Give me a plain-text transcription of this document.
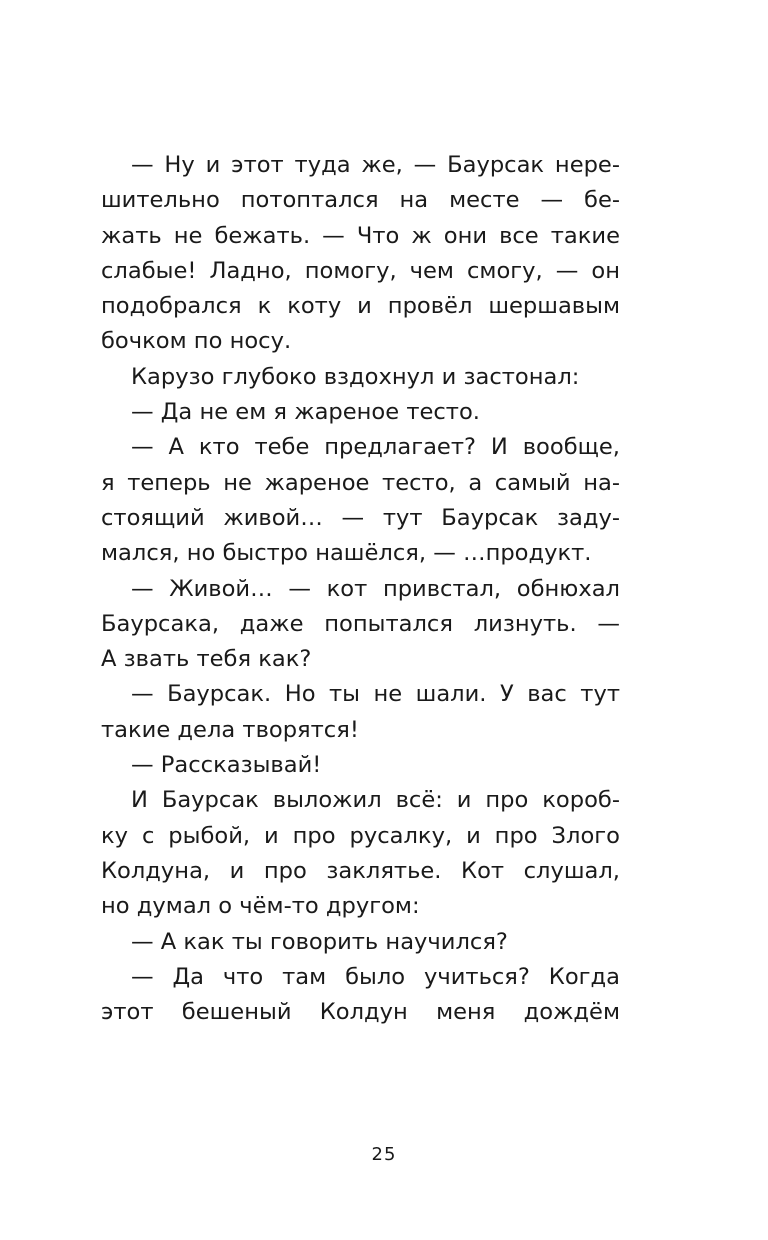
— Ну и этот туда же, — Баурсак нере-
шительно потоптался на месте — бе-
жать не бежать. — Что ж они все такие
слабые! Ладно, помогу, чем смогу, — он
подобрался к коту и провёл шершавым
бочком по носу.
Карузо глубоко вздохнул и застонал:
— Да не ем я жареное тесто.
— А кто тебе предлагает? И вообще,
я теперь не жареное тесто, а самый на-
стоящий живой… — тут Баурсак заду-
мался, но быстро нашёлся, — …продукт.
— Живой… — кот привстал, обнюхал
Баурсака, даже попытался лизнуть. —
А звать тебя как?
— Баурсак. Но ты не шали. У вас тут
такие дела творятся!
— Рассказывай!
И Баурсак выложил всё: и про короб-
ку с рыбой, и про русалку, и про Злого
Колдуна, и про заклятье. Кот слушал,
но думал о чём-то другом:
— А как ты говорить научился?
— Да что там было учиться? Когда
этот бешеный Колдун меня дождём
25
